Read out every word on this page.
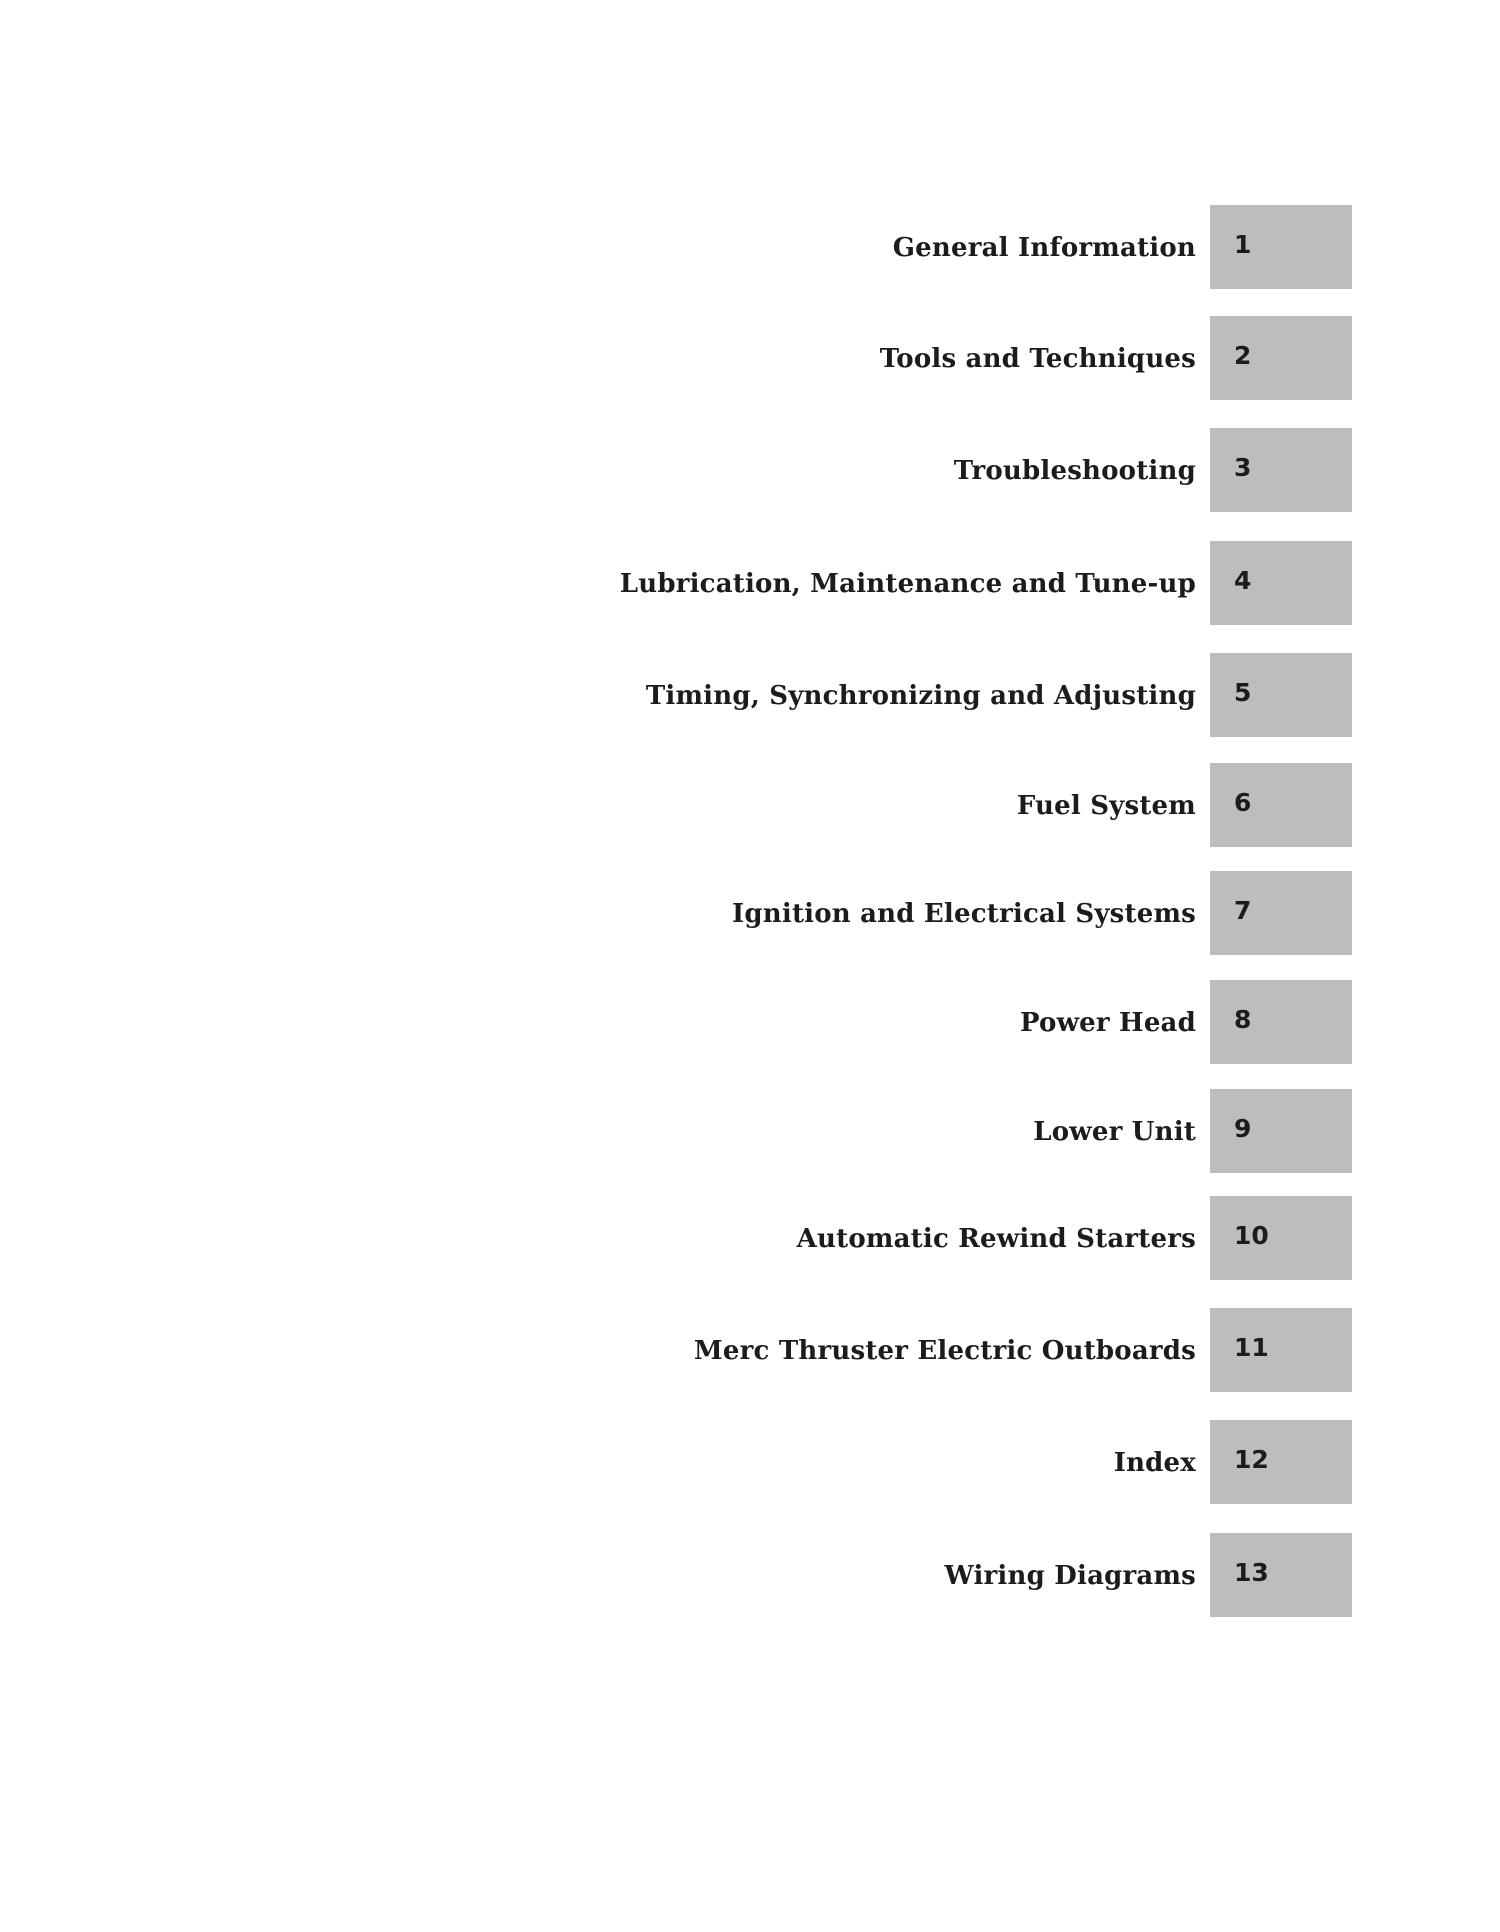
General Information 1
Tools and Techniques 2
Troubleshooting 3
Lubrication, Maintenance and Tune-up 4
Timing, Synchronizing and Adjusting 5
Fuel System 6
Ignition and Electrical Systems 7
Power Head 8
Lower Unit 9
Automatic Rewind Starters 10
Merc Thruster Electric Outboards 11
Index 12
Wiring Diagrams 13
